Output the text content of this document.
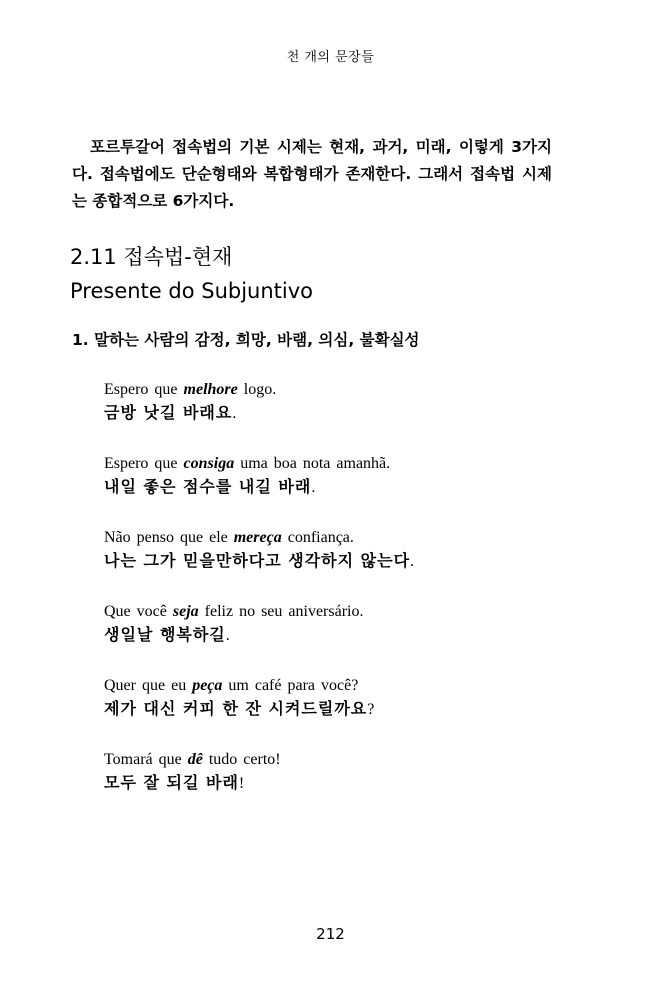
천 개의 문장들

포르투갈어 접속법의 기본 시제는 현재, 과거, 미래, 이렇게 3가지다. 접속법에도 단순형태와 복합형태가 존재한다. 그래서 접속법 시제는 종합적으로 6가지다.

2.11 접속법-현재
Presente do Subjuntivo
1. 말하는 사람의 감정, 희망, 바램, 의심, 불확실성
Espero que melhore logo.
금방 낫길 바래요.
Espero que consiga uma boa nota amanhã.
내일 좋은 점수를 내길 바래.
Não penso que ele mereça confiança.
나는 그가 믿을만하다고 생각하지 않는다.
Que você seja feliz no seu aniversário.
생일날 행복하길.
Quer que eu peça um café para você?
제가 대신 커피 한 잔 시켜드릴까요?
Tomará que dê tudo certo!
모두 잘 되길 바래!
212
